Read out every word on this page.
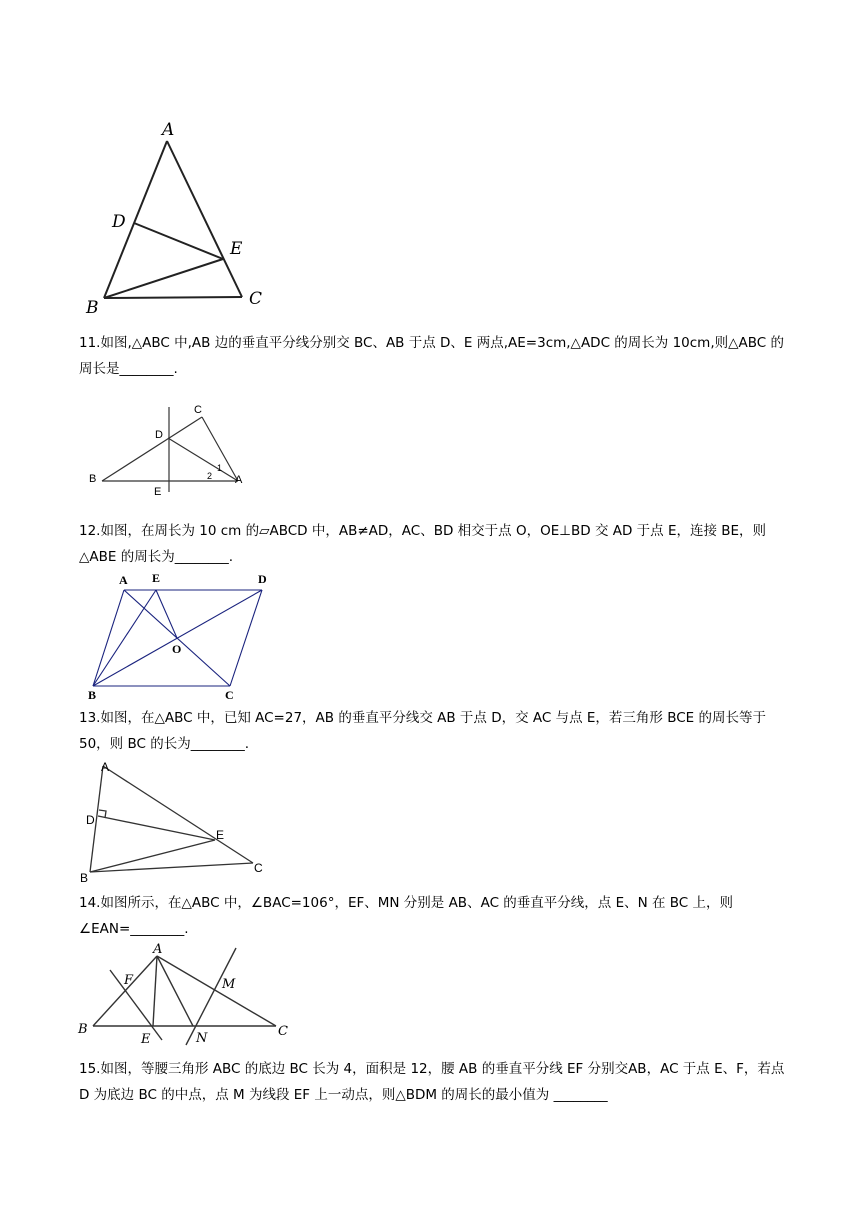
A
D
E
B	C

11.如图,△ABC 中,AB 边的垂直平分线分别交 BC、AB 于点 D、E 两点,AE=3cm,△ADC 的周长为 10cm,则△ABC 的周长是________.

C
D
B
E
A
1
2

12.如图，在周长为 10 cm 的▱ABCD 中，AB≠AD，AC、BD 相交于点 O，OE⊥BD 交 AD 于点 E，连接 BE，则△ABE 的周长为________.

A E	D
O
B	C

13.如图，在△ABC 中，已知 AC=27，AB 的垂直平分线交 AB 于点 D，交 AC 与点 E，若三角形 BCE 的周长等于 50，则 BC 的长为________.

A
D
E
B
C

14.如图所示，在△ABC 中，∠BAC=106°，EF、MN 分别是 AB、AC 的垂直平分线，点 E、N 在 BC 上，则∠EAN=________.

A
F	M
B
E	N	C

15.如图，等腰三角形 ABC 的底边 BC 长为 4，面积是 12，腰 AB 的垂直平分线 EF 分别交AB，AC 于点 E、F，若点 D 为底边 BC 的中点，点 M 为线段 EF 上一动点，则△BDM 的周长的最小值为 ________
